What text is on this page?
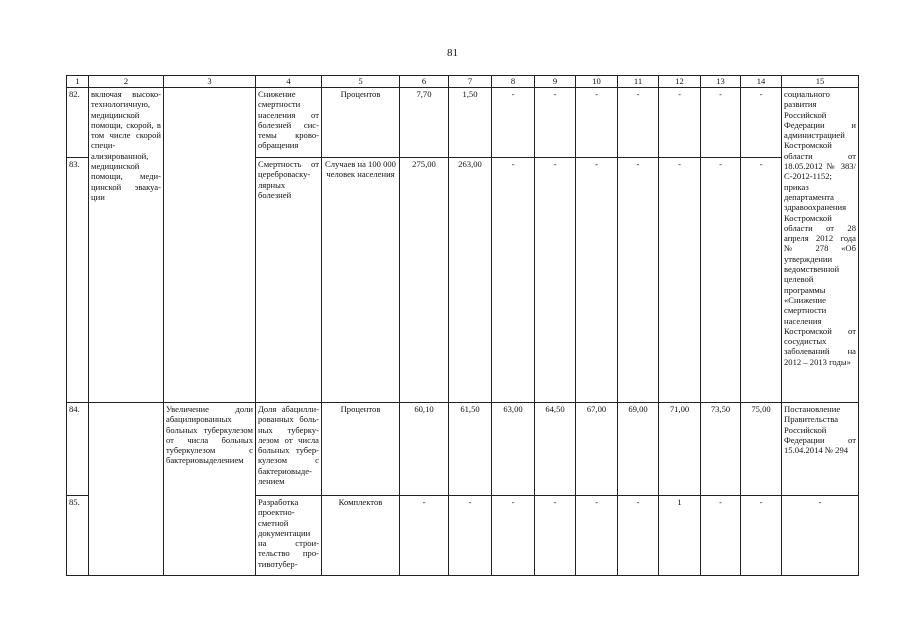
81
1	2	3	4	5	6	7	8	9	10	11	12	13	14	15
82.	включая высоко-технологичную, медицинской помощи, скорой, в том числе скорой специ-ализированной, медицинской помощи, меди-цинской эвакуа-ции		Снижение смертности населения от болезней сис-темы крово-обращения	Процентов	7,70	1,50	-	-	-	-	-	-	-	социального развития Российской Федерации и администрацией Костромской области от 18.05.2012 № 383/С-2012-1152; приказ департамента здравоохранения Костромской области от 28 апреля 2012 года № 278 «Об утверждении ведомственной целевой программы «Снижение смертности населения Костромской от сосудистых заболеваний на 2012 – 2013 годы»
83.			Смертность от цереброваску-лярных болезней	Случаев на 100 000 человек населения	275,00	263,00	-	-	-	-	-	-	-	
84.		Увеличение доли абацилированных больных туберкулезом от числа больных туберкулезом с бактериовыделением	Доля абацилли-рованных боль-ных туберку-лезом от числа больных тубер-кулезом с бактериовыде-лением	Процентов	60,10	61,50	63,00	64,50	67,00	69,00	71,00	73,50	75,00	Постановление Правительства Российской Федерации от 15.04.2014 № 294
85.			Разработка проектно-сметной документации на строи-тельство про-тивотубер-	Комплектов	-	-	-	-	-	-	1	-	-	-
